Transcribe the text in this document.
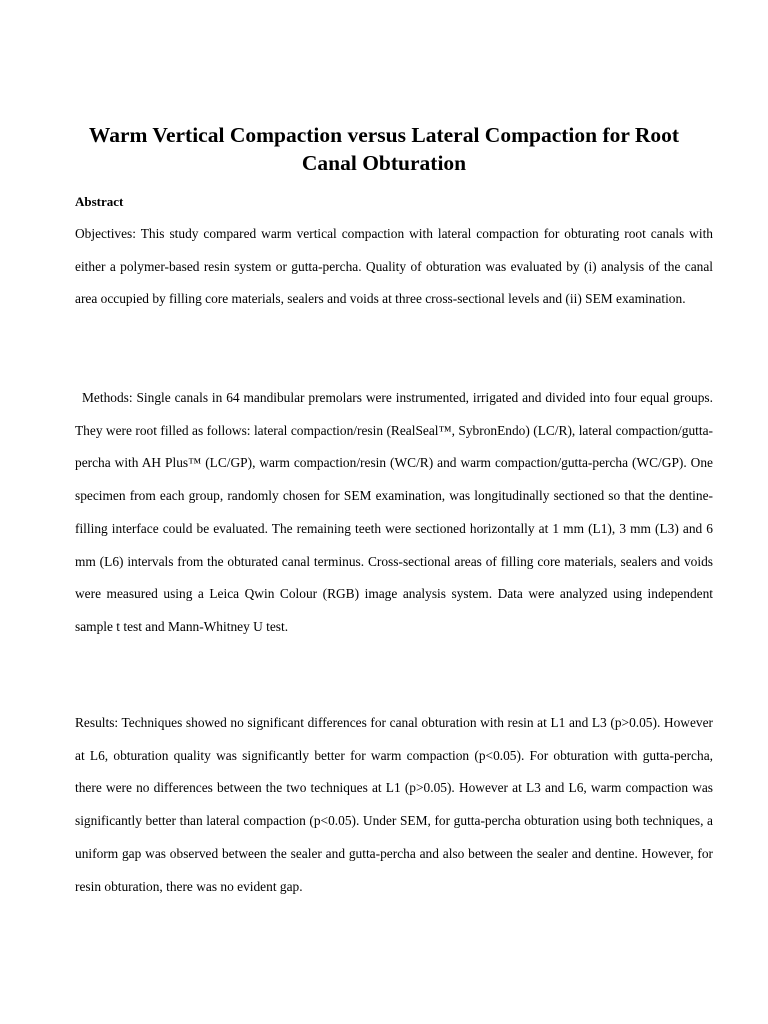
Warm Vertical Compaction versus Lateral Compaction for Root Canal Obturation
Abstract

Objectives: This study compared warm vertical compaction with lateral compaction for obturating root canals with either a polymer-based resin system or gutta-percha. Quality of obturation was evaluated by (i) analysis of the canal area occupied by filling core materials, sealers and voids at three cross-sectional levels and (ii) SEM examination.

Methods: Single canals in 64 mandibular premolars were instrumented, irrigated and divided into four equal groups. They were root filled as follows: lateral compaction/resin (RealSeal™, SybronEndo) (LC/R), lateral compaction/gutta-percha with AH Plus™ (LC/GP), warm compaction/resin (WC/R) and warm compaction/gutta-percha (WC/GP). One specimen from each group, randomly chosen for SEM examination, was longitudinally sectioned so that the dentine-filling interface could be evaluated. The remaining teeth were sectioned horizontally at 1 mm (L1), 3 mm (L3) and 6 mm (L6) intervals from the obturated canal terminus. Cross-sectional areas of filling core materials, sealers and voids were measured using a Leica Qwin Colour (RGB) image analysis system. Data were analyzed using independent sample t test and Mann-Whitney U test.

Results: Techniques showed no significant differences for canal obturation with resin at L1 and L3 (p>0.05). However at L6, obturation quality was significantly better for warm compaction (p<0.05). For obturation with gutta-percha, there were no differences between the two techniques at L1 (p>0.05). However at L3 and L6, warm compaction was significantly better than lateral compaction (p<0.05). Under SEM, for gutta-percha obturation using both techniques, a uniform gap was observed between the sealer and gutta-percha and also between the sealer and dentine. However, for resin obturation, there was no evident gap.
